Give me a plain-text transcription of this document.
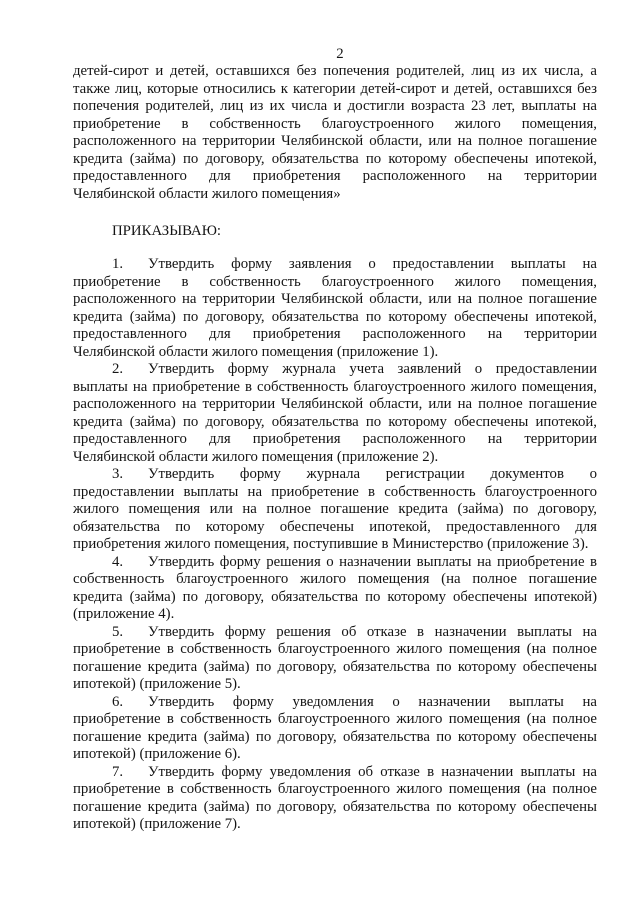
2
детей-сирот и детей, оставшихся без попечения родителей, лиц из их числа, а
также лиц, которые относились к категории детей-сирот и детей, оставшихся без
попечения родителей, лиц из их числа и достигли возраста 23 лет, выплаты на
приобретение в собственность благоустроенного жилого помещения,
расположенного на территории Челябинской области, или на полное погашение
кредита (займа) по договору, обязательства по которому обеспечены ипотекой,
предоставленного для приобретения расположенного на территории
Челябинской области жилого помещения»
ПРИКАЗЫВАЮ:
1.	Утвердить форму заявления о предоставлении выплаты на
приобретение в собственность благоустроенного жилого помещения,
расположенного на территории Челябинской области, или на полное погашение
кредита (займа) по договору, обязательства по которому обеспечены ипотекой,
предоставленного для приобретения расположенного на территории
Челябинской области жилого помещения (приложение 1).
2.	Утвердить форму журнала учета заявлений о предоставлении
выплаты на приобретение в собственность благоустроенного жилого помещения,
расположенного на территории Челябинской области, или на полное погашение
кредита (займа) по договору, обязательства по которому обеспечены ипотекой,
предоставленного для приобретения расположенного на территории
Челябинской области жилого помещения (приложение 2).
3.	Утвердить форму журнала регистрации документов о
предоставлении выплаты на приобретение в собственность благоустроенного
жилого помещения или на полное погашение кредита (займа) по договору,
обязательства по которому обеспечены ипотекой, предоставленного для
приобретения жилого помещения, поступившие в Министерство (приложение 3).
4.	Утвердить форму решения о назначении выплаты на приобретение в
собственность благоустроенного жилого помещения (на полное погашение
кредита (займа) по договору, обязательства по которому обеспечены ипотекой)
(приложение 4).
5.	Утвердить форму решения об отказе в назначении выплаты на
приобретение в собственность благоустроенного жилого помещения (на полное
погашение кредита (займа) по договору, обязательства по которому обеспечены
ипотекой) (приложение 5).
6.	Утвердить форму уведомления о назначении выплаты на
приобретение в собственность благоустроенного жилого помещения (на полное
погашение кредита (займа) по договору, обязательства по которому обеспечены
ипотекой) (приложение 6).
7.	Утвердить форму уведомления об отказе в назначении выплаты на
приобретение в собственность благоустроенного жилого помещения (на полное
погашение кредита (займа) по договору, обязательства по которому обеспечены
ипотекой) (приложение 7).
